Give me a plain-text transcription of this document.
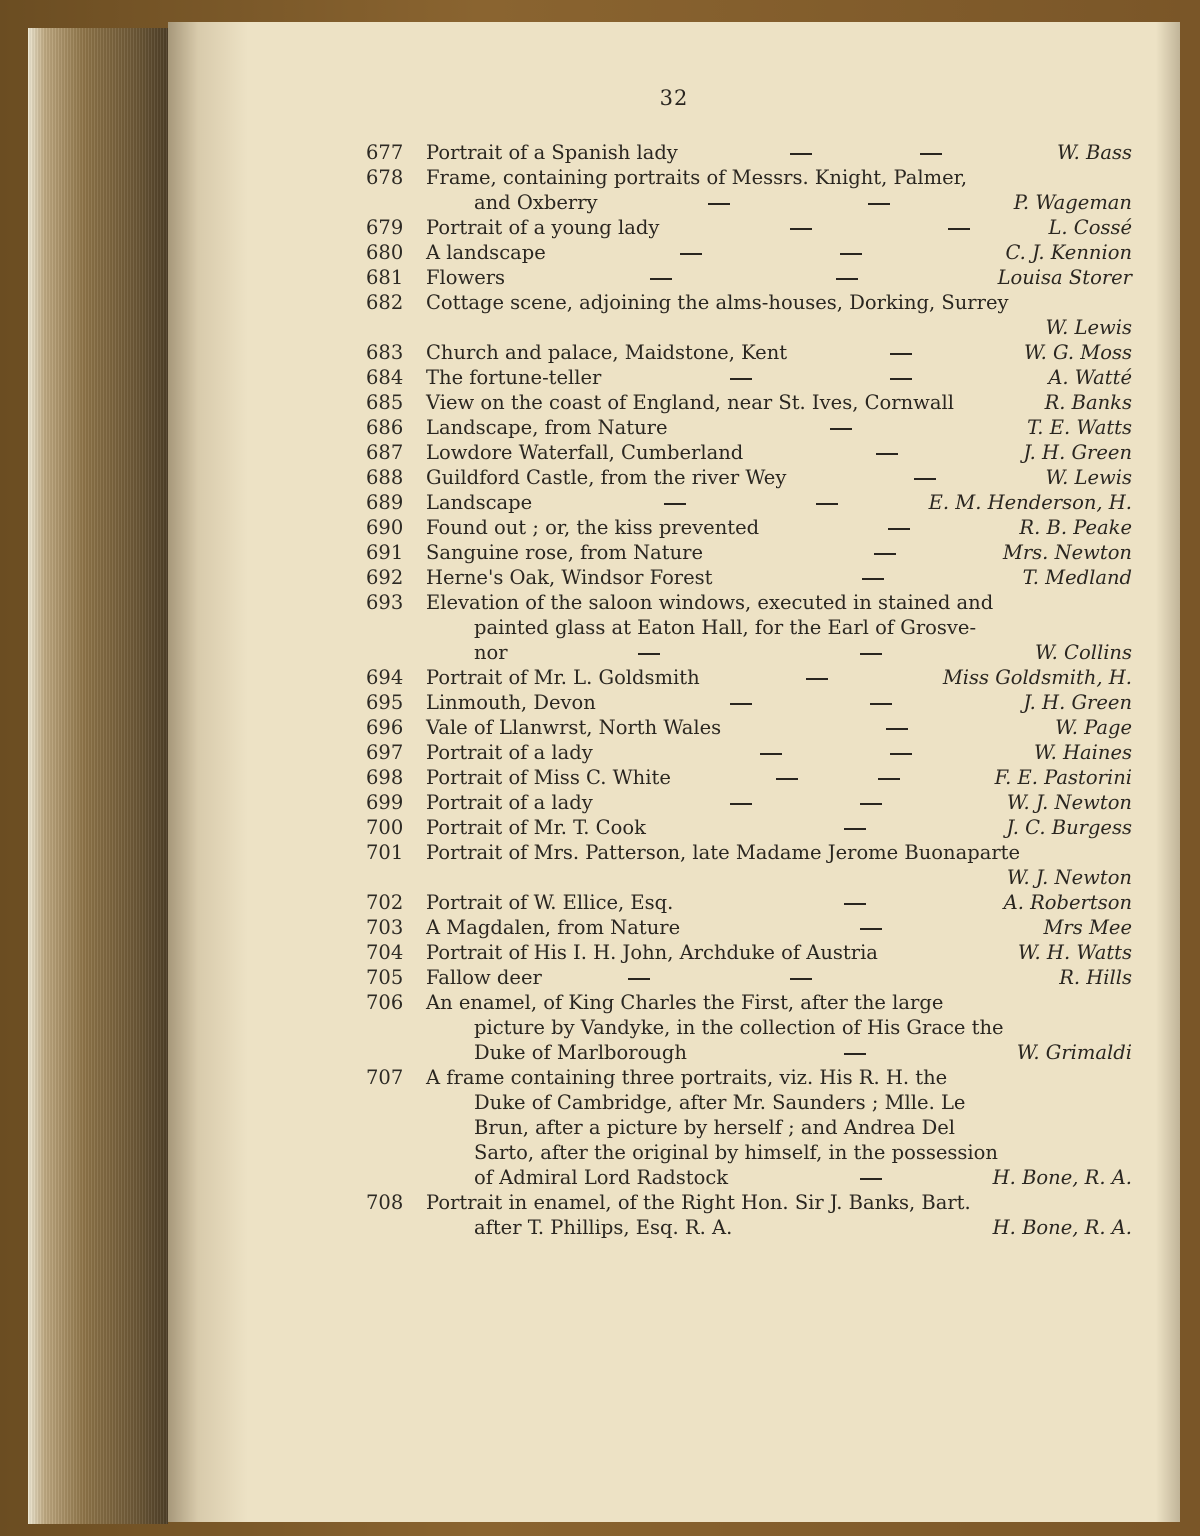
32
677	Portrait of a Spanish lady	W. Bass
678	Frame, containing portraits of Messrs. Knight, Palmer,
and Oxberry	P. Wageman
679	Portrait of a young lady	L. Cossé
680	A landscape	C. J. Kennion
681	Flowers	Louisa Storer
682	Cottage scene, adjoining the alms-houses, Dorking, Surrey
W. Lewis
683	Church and palace, Maidstone, Kent	W. G. Moss
684	The fortune-teller	A. Watté
685	View on the coast of England, near St. Ives, Cornwall	R. Banks
686	Landscape, from Nature	T. E. Watts
687	Lowdore Waterfall, Cumberland	J. H. Green
688	Guildford Castle, from the river Wey	W. Lewis
689	Landscape	E. M. Henderson, H.
690	Found out ; or, the kiss prevented	R. B. Peake
691	Sanguine rose, from Nature	Mrs. Newton
692	Herne's Oak, Windsor Forest	T. Medland
693	Elevation of the saloon windows, executed in stained and
painted glass at Eaton Hall, for the Earl of Grosve-
nor	W. Collins
694	Portrait of Mr. L. Goldsmith	Miss Goldsmith, H.
695	Linmouth, Devon	J. H. Green
696	Vale of Llanwrst, North Wales	W. Page
697	Portrait of a lady	W. Haines
698	Portrait of Miss C. White	F. E. Pastorini
699	Portrait of a lady	W. J. Newton
700	Portrait of Mr. T. Cook	J. C. Burgess
701	Portrait of Mrs. Patterson, late Madame Jerome Buonaparte
W. J. Newton
702	Portrait of W. Ellice, Esq.	A. Robertson
703	A Magdalen, from Nature	Mrs Mee
704	Portrait of His I. H. John, Archduke of Austria	W. H. Watts
705	Fallow deer	R. Hills
706	An enamel, of King Charles the First, after the large
picture by Vandyke, in the collection of His Grace the
Duke of Marlborough	W. Grimaldi
707	A frame containing three portraits, viz. His R. H. the
Duke of Cambridge, after Mr. Saunders ; Mlle. Le
Brun, after a picture by herself ; and Andrea Del
Sarto, after the original by himself, in the possession
of Admiral Lord Radstock	H. Bone, R. A.
708	Portrait in enamel, of the Right Hon. Sir J. Banks, Bart.
after T. Phillips, Esq. R. A.	H. Bone, R. A.
